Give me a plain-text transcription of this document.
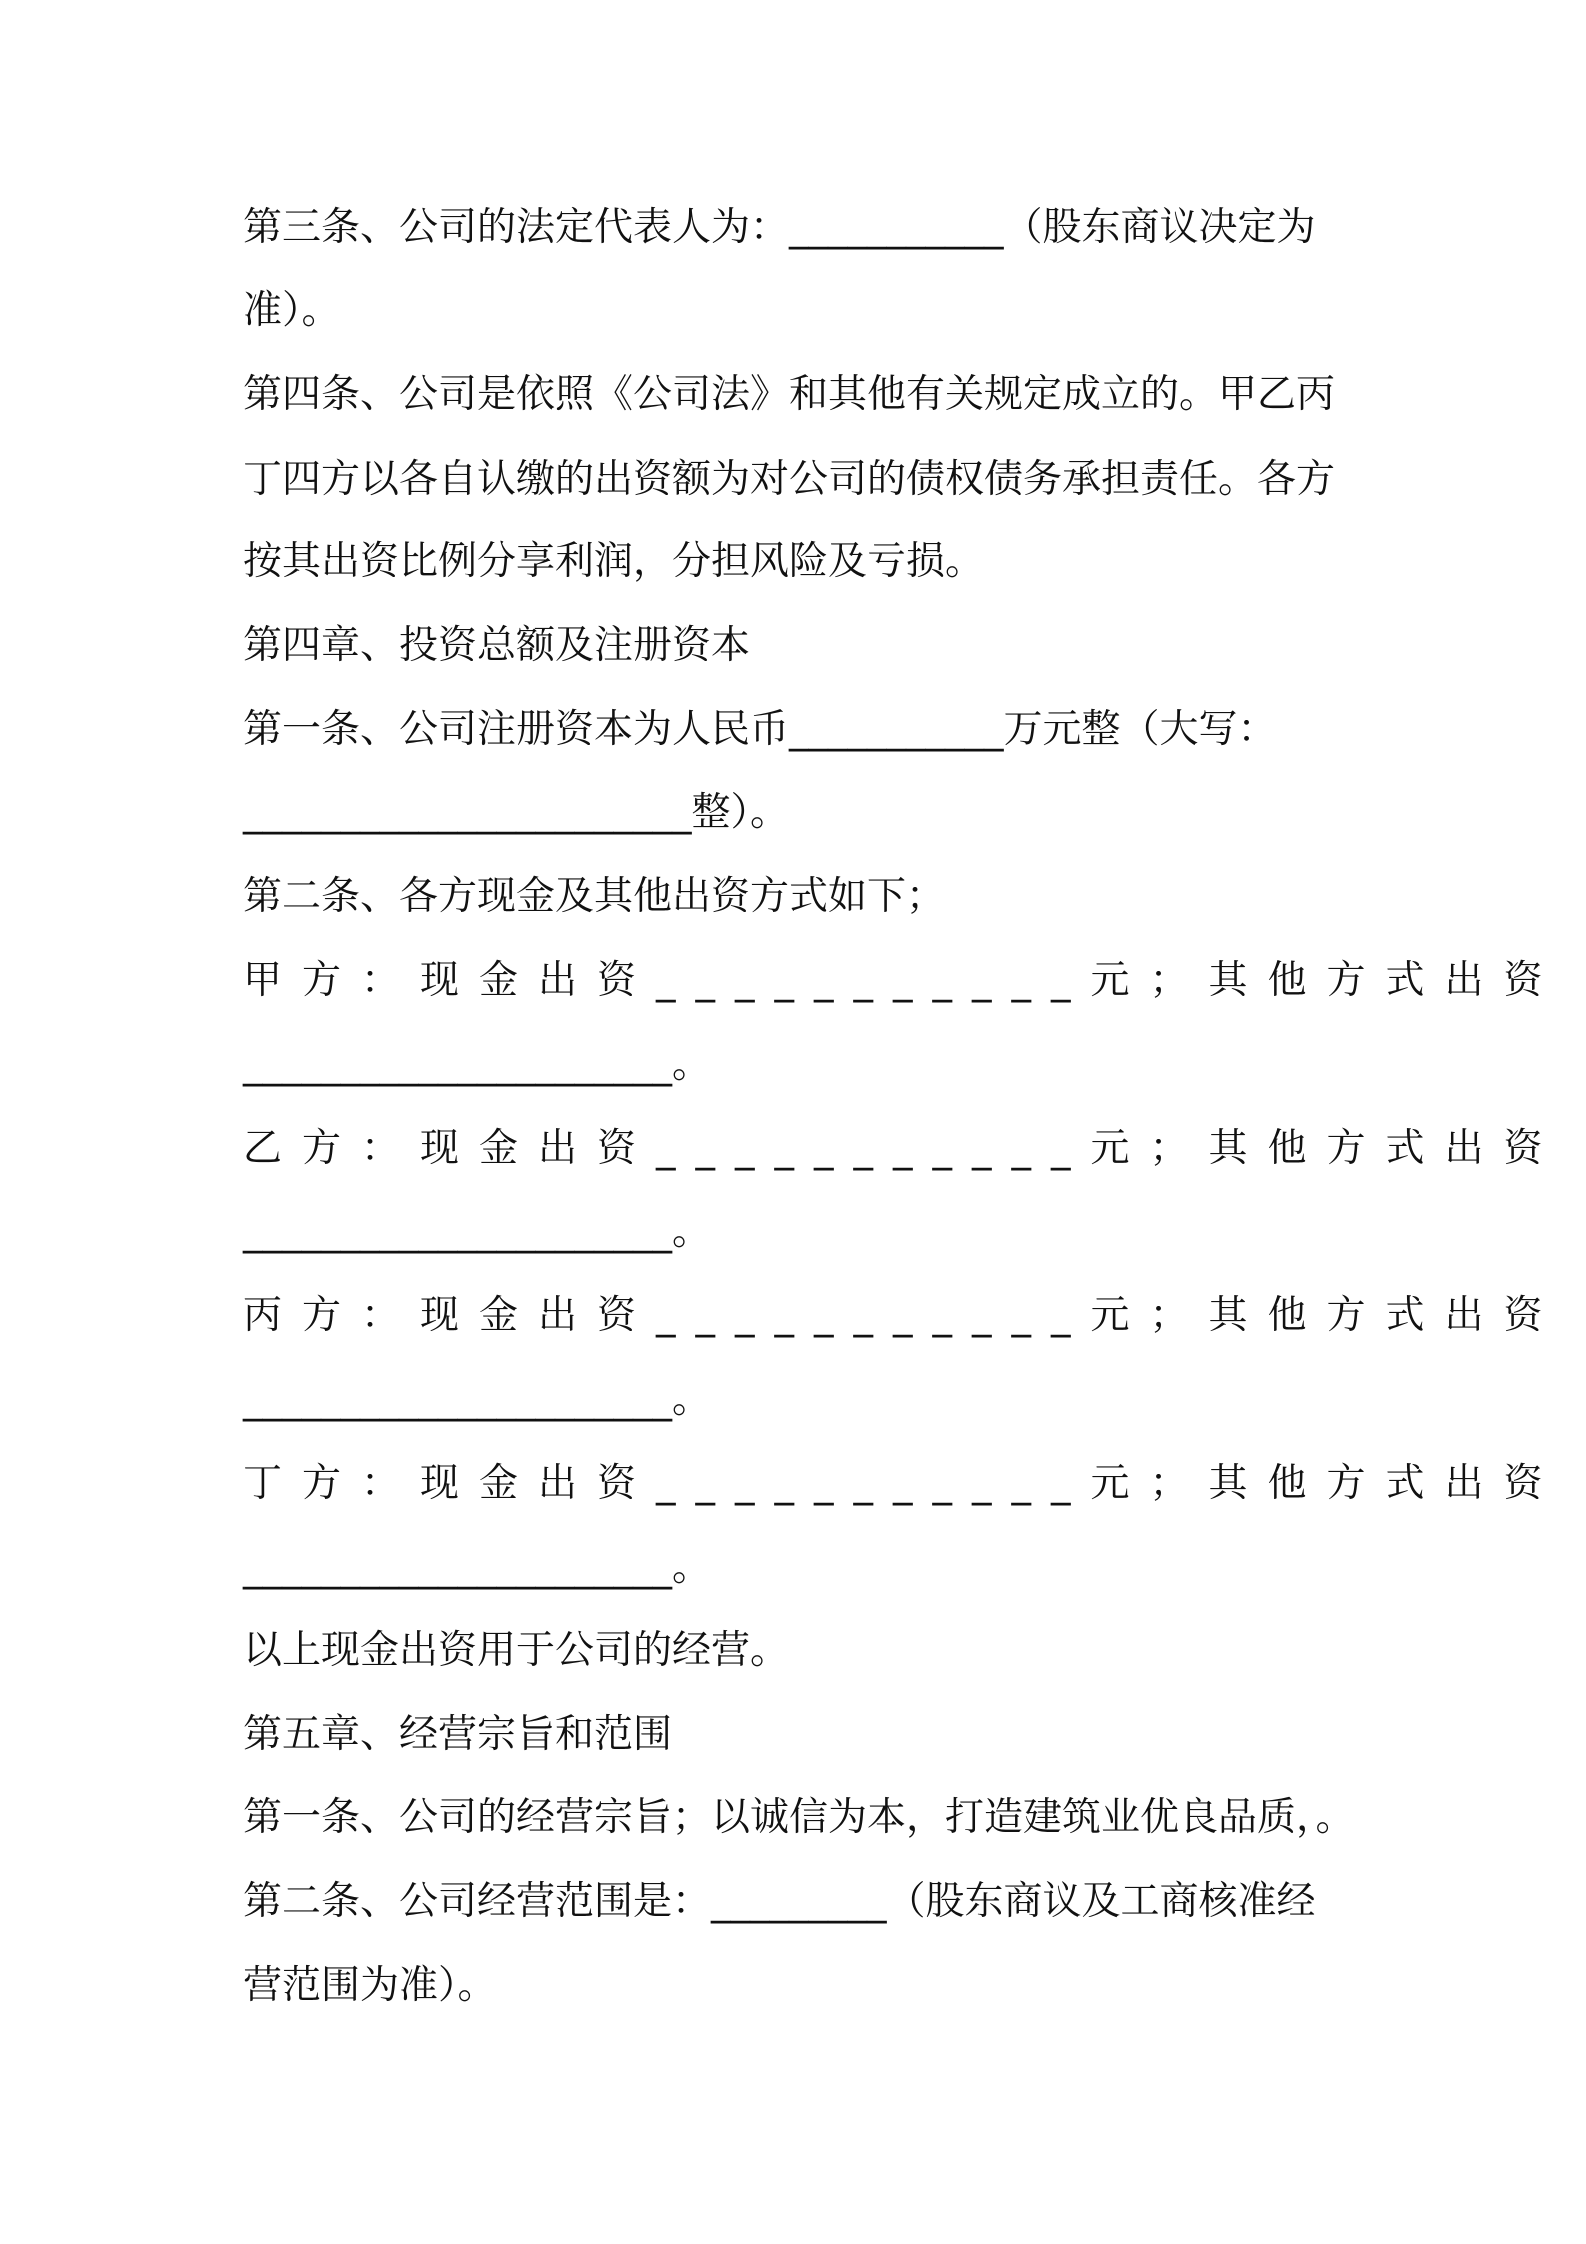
第三条、公司的法定代表人为：___________（股东商议决定为
准）。
第四条、公司是依照《公司法》和其他有关规定成立的。甲乙丙
丁四方以各自认缴的出资额为对公司的债权债务承担责任。各方
按其出资比例分享利润，分担风险及亏损。
第四章、投资总额及注册资本
第一条、公司注册资本为人民币___________万元整（大写：
_______________________整）。
第二条、各方现金及其他出资方式如下；
甲方：现金出资___________元；其他方式出资
______________________。
乙方：现金出资___________元；其他方式出资
______________________。
丙方：现金出资___________元；其他方式出资
______________________。
丁方：现金出资___________元；其他方式出资
______________________。
以上现金出资用于公司的经营。
第五章、经营宗旨和范围
第一条、公司的经营宗旨；以诚信为本，打造建筑业优良品质，。
第二条、公司经营范围是：_________（股东商议及工商核准经
营范围为准）。
